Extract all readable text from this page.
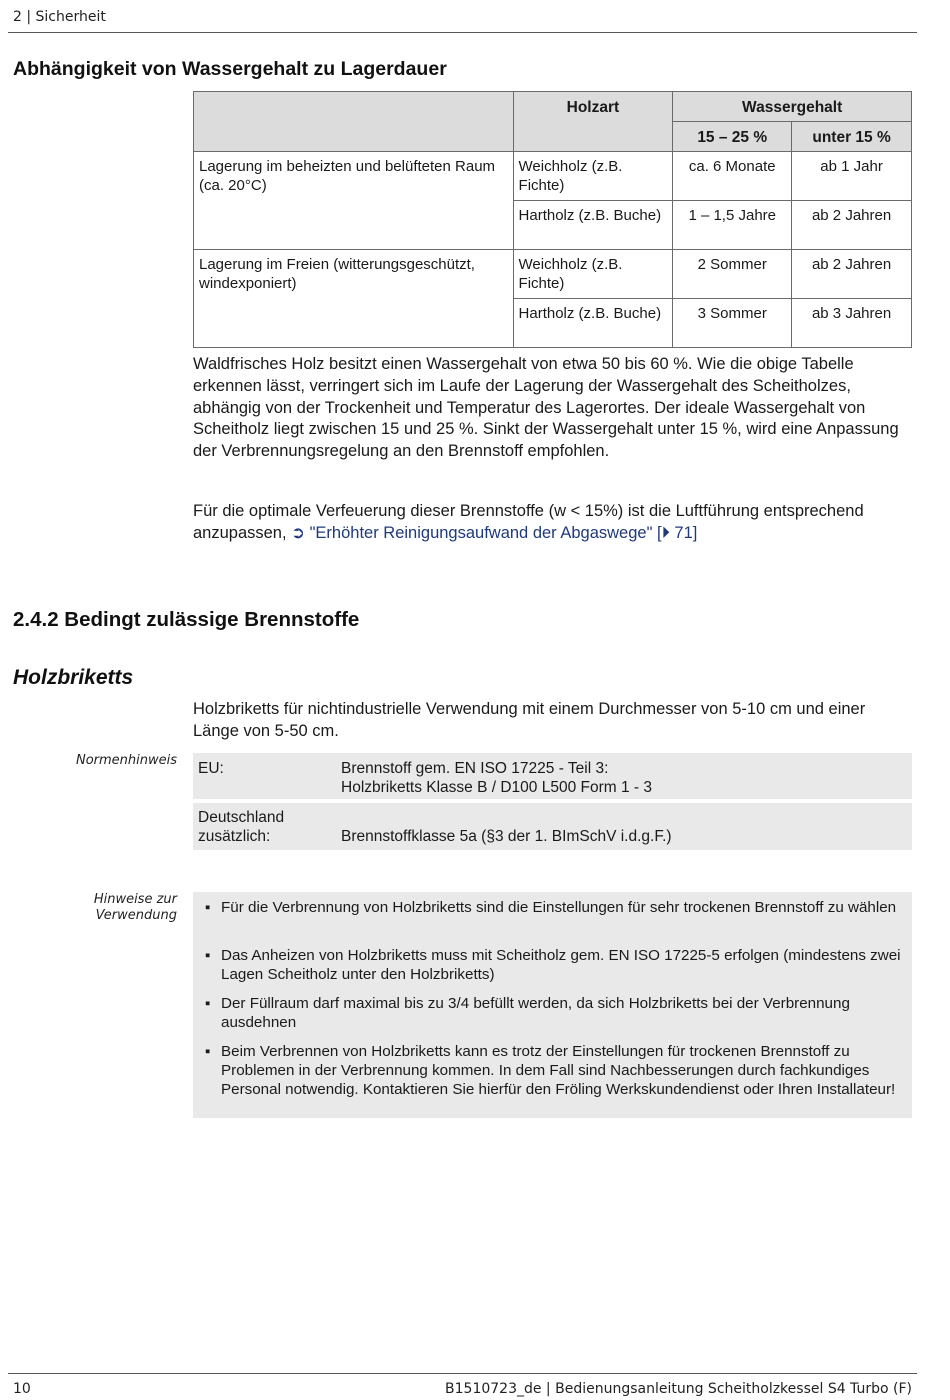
2 | Sicherheit
Abhängigkeit von Wassergehalt zu Lagerdauer
	Holzart	Wassergehalt	
		15 – 25 %	unter 15 %
Lagerung im beheizten und belüfteten Raum (ca. 20°C)	Weichholz (z.B. Fichte)	ca. 6 Monate	ab 1 Jahr
	Hartholz (z.B. Buche)	1 – 1,5 Jahre	ab 2 Jahren
Lagerung im Freien (witterungsgeschützt, windexponiert)	Weichholz (z.B. Fichte)	2 Sommer	ab 2 Jahren
	Hartholz (z.B. Buche)	3 Sommer	ab 3 Jahren

Waldfrisches Holz besitzt einen Wassergehalt von etwa 50 bis 60 %. Wie die obige Tabelle erkennen lässt, verringert sich im Laufe der Lagerung der Wassergehalt des Scheitholzes, abhängig von der Trockenheit und Temperatur des Lagerortes. Der ideale Wassergehalt von Scheitholz liegt zwischen 15 und 25 %. Sinkt der Wassergehalt unter 15 %, wird eine Anpassung der Verbrennungsregelung an den Brennstoff empfohlen.

Für die optimale Verfeuerung dieser Brennstoffe (w < 15%) ist die Luftführung entsprechend anzupassen, ➲ "Erhöhter Reinigungsaufwand der Abgaswege" [⏵ 71]

2.4.2 Bedingt zulässige Brennstoffe
Holzbriketts

Holzbriketts für nichtindustrielle Verwendung mit einem Durchmesser von 5-10 cm und einer Länge von 5-50 cm.

Normenhinweis EU:	Brennstoff gem. EN ISO 17225 - Teil 3:
Holzbriketts Klasse B / D100 L500 Form 1 - 3
Deutschland
zusätzlich:	Brennstoffklasse 5a (§3 der 1. BImSchV i.d.g.F.)
Hinweise zur
Verwendung ▪ Für die Verbrennung von Holzbriketts sind die Einstellungen für sehr trockenen Brennstoff zu wählen
▪ Das Anheizen von Holzbriketts muss mit Scheitholz gem. EN ISO 17225-5 erfolgen (mindestens zwei Lagen Scheitholz unter den Holzbriketts)
▪ Der Füllraum darf maximal bis zu 3/4 befüllt werden, da sich Holzbriketts bei der Verbrennung ausdehnen
▪ Beim Verbrennen von Holzbriketts kann es trotz der Einstellungen für trockenen Brennstoff zu Problemen in der Verbrennung kommen. In dem Fall sind Nachbesserungen durch fachkundiges Personal notwendig. Kontaktieren Sie hierfür den Fröling Werkskundendienst oder Ihren Installateur!
10	B1510723_de | Bedienungsanleitung Scheitholzkessel S4 Turbo (F)
